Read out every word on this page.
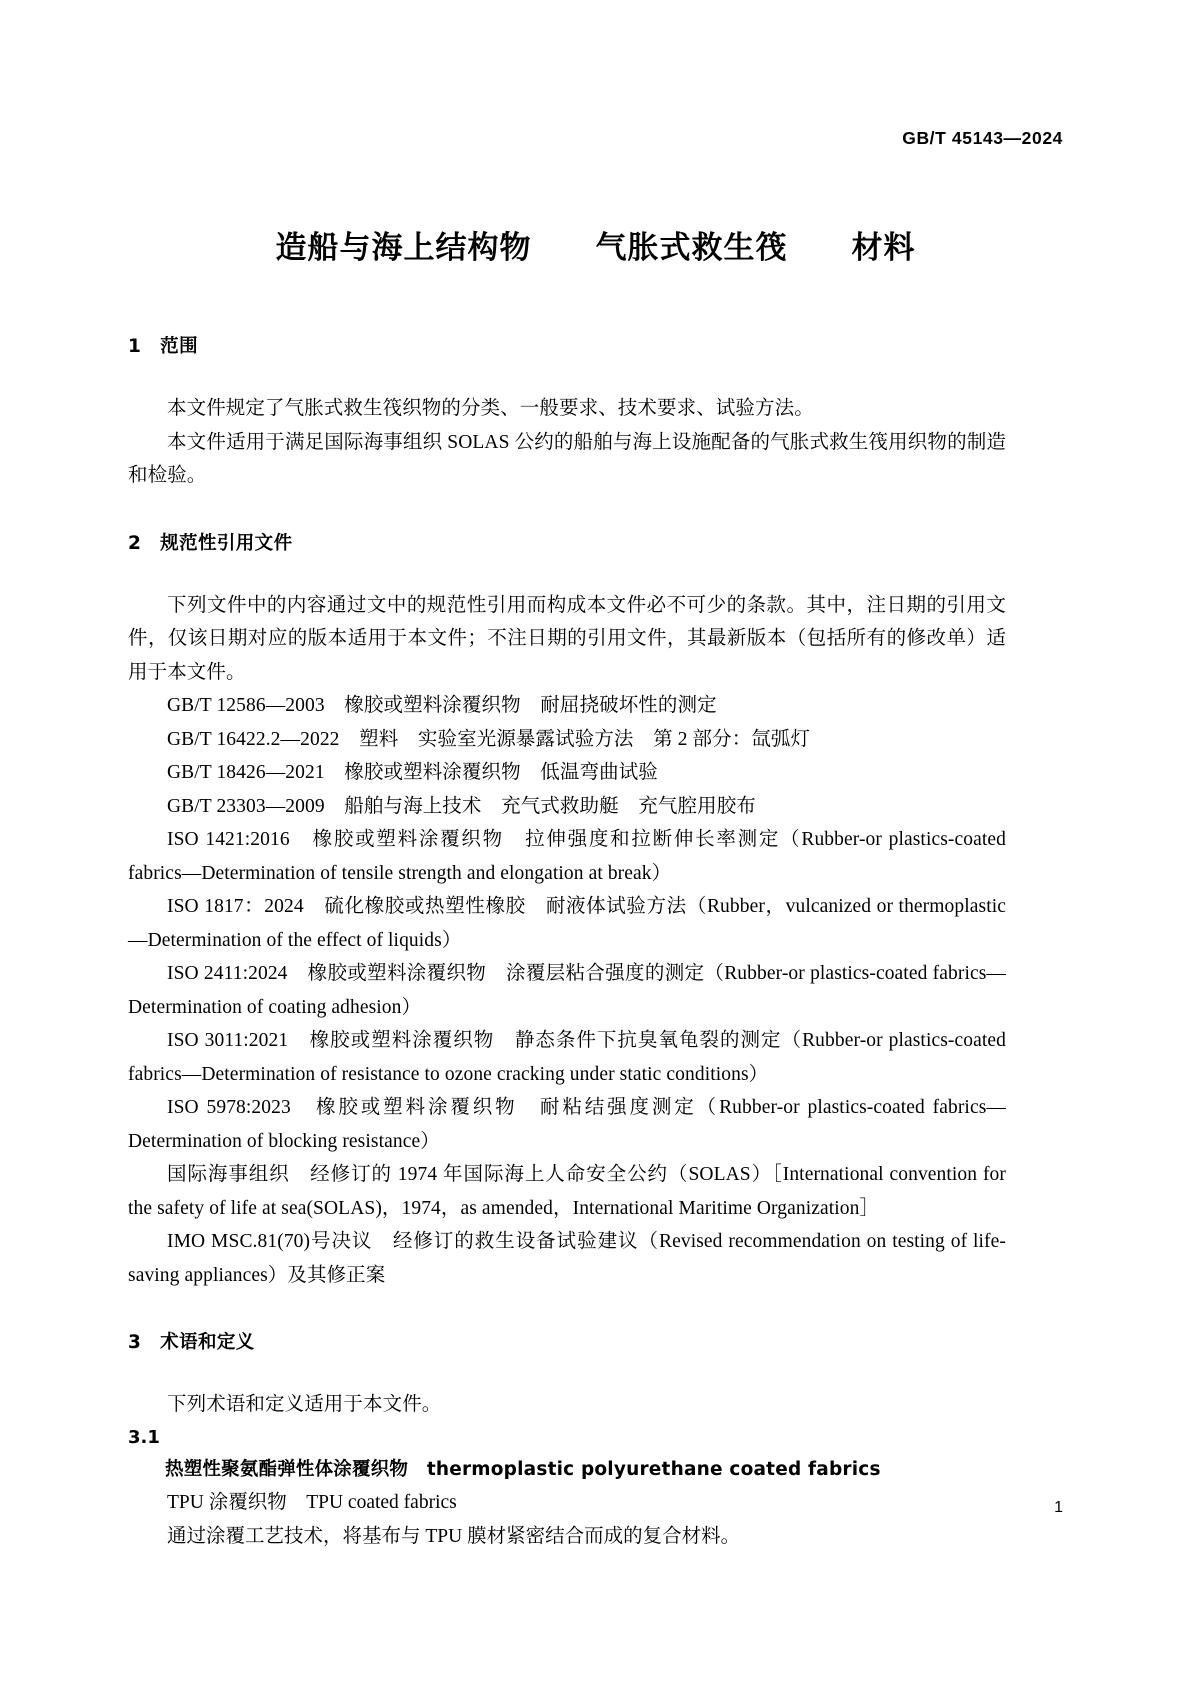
GB/T 45143—2024
造船与海上结构物　　气胀式救生筏　　材料
1　范围

本文件规定了气胀式救生筏织物的分类、一般要求、技术要求、试验方法。

本文件适用于满足国际海事组织 SOLAS 公约的船舶与海上设施配备的气胀式救生筏用织物的制造和检验。

2　规范性引用文件

下列文件中的内容通过文中的规范性引用而构成本文件必不可少的条款。其中，注日期的引用文件，仅该日期对应的版本适用于本文件；不注日期的引用文件，其最新版本（包括所有的修改单）适用于本文件。

GB/T 12586—2003　橡胶或塑料涂覆织物　耐屈挠破坏性的测定

GB/T 16422.2—2022　塑料　实验室光源暴露试验方法　第 2 部分：氙弧灯

GB/T 18426—2021　橡胶或塑料涂覆织物　低温弯曲试验

GB/T 23303—2009　船舶与海上技术　充气式救助艇　充气腔用胶布

ISO 1421:2016　橡胶或塑料涂覆织物　拉伸强度和拉断伸长率测定（Rubber-or plastics-coated fabrics—Determination of tensile strength and elongation at break）

ISO 1817：2024　硫化橡胶或热塑性橡胶　耐液体试验方法（Rubber，vulcanized or thermoplastic—Determination of the effect of liquids）

ISO 2411:2024　橡胶或塑料涂覆织物　涂覆层粘合强度的测定（Rubber-or plastics-coated fabrics—Determination of coating adhesion）

ISO 3011:2021　橡胶或塑料涂覆织物　静态条件下抗臭氧龟裂的测定（Rubber-or plastics-coated fabrics—Determination of resistance to ozone cracking under static conditions）

ISO 5978:2023　橡胶或塑料涂覆织物　耐粘结强度测定（Rubber-or plastics-coated fabrics—Determination of blocking resistance）

国际海事组织　经修订的 1974 年国际海上人命安全公约（SOLAS）［International convention for the safety of life at sea(SOLAS)，1974，as amended，International Maritime Organization］

IMO MSC.81(70)号决议　经修订的救生设备试验建议（Revised recommendation on testing of life-saving appliances）及其修正案

3　术语和定义

下列术语和定义适用于本文件。

3.1

热塑性聚氨酯弹性体涂覆织物　 thermoplastic polyurethane coated fabrics

TPU 涂覆织物　TPU coated fabrics

通过涂覆工艺技术，将基布与 TPU 膜材紧密结合而成的复合材料。

1
